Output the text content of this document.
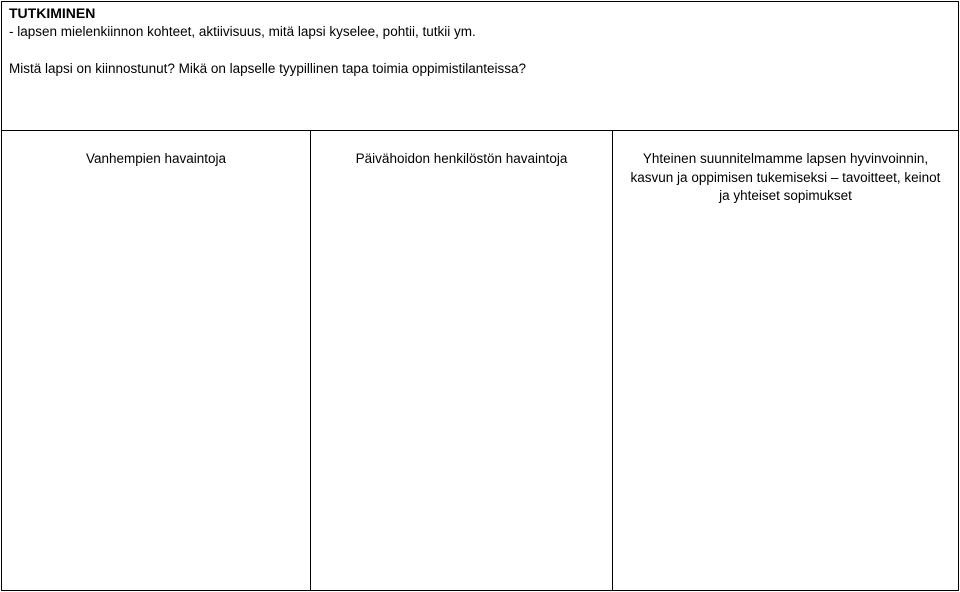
TUTKIMINEN
- lapsen mielenkiinnon kohteet, aktiivisuus, mitä lapsi kyselee, pohtii, tutkii ym.
Mistä lapsi on kiinnostunut? Mikä on lapselle tyypillinen tapa toimia oppimistilanteissa?
Vanhempien havaintoja	Päivähoidon henkilöstön havaintoja	Yhteinen suunnitelmamme lapsen hyvinvoinnin,
kasvun ja oppimisen tukemiseksi – tavoitteet, keinot
ja yhteiset sopimukset
